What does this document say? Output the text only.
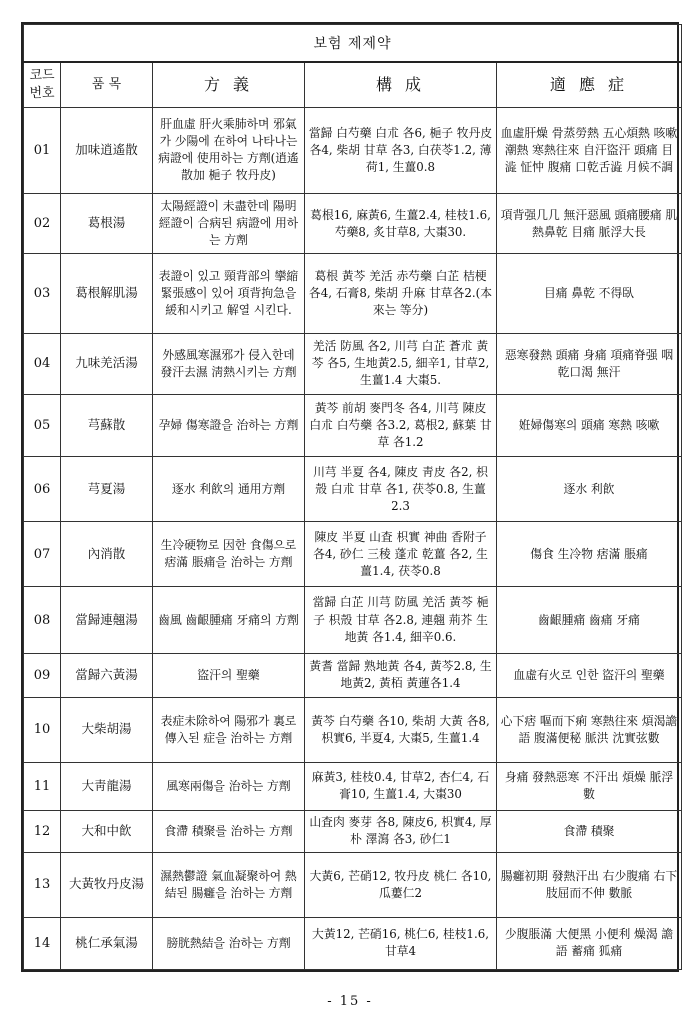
보험 제제약				
코드번호	품 목	方 義	構 成	適 應 症
01	加味逍遙散	肝血虛 肝火乘肺하며 邪氣가 少陽에 在하여 나타나는 病證에 使用하는 方劑(逍遙散加 梔子 牧丹皮)	當歸 白芍藥 白朮 各6, 梔子 牧丹皮 各4, 柴胡 甘草 各3, 白茯苓1.2, 薄荷1, 生薑0.8	血虛肝燥 骨蒸勞熱 五心煩熱 咳嗽潮熱 寒熱往來 自汗盜汗 頭痛 目澁 怔忡 腹痛 口乾舌澁 月候不調
02	葛根湯	太陽經證이 未盡한데 陽明經證이 合病된 病證에 用하는 方劑	葛根16, 麻黃6, 生薑2.4, 桂枝1.6, 芍藥8, 炙甘草8, 大棗30.	項背强几几 無汗惡風 頭痛腰痛 肌熱鼻乾 目痛 脈浮大長
03	葛根解肌湯	表證이 있고 頸背部의 攣縮緊張感이 있어 項背拘急을 緩和시키고 解열 시킨다.	葛根 黃芩 羌活 赤芍藥 白芷 桔梗 各4, 石膏8, 柴胡 升麻 甘草各2.(本來는 等分)	目痛 鼻乾 不得臥
04	九味羌活湯	外感風寒濕邪가 侵入한데 發汗去濕 淸熱시키는 方劑	羌活 防風 各2, 川芎 白芷 蒼朮 黃芩 各5, 生地黃2.5, 細辛1, 甘草2, 生薑1.4 大棗5.	惡寒發熱 頭痛 身痛 項痛脊强 咽乾口渴 無汗
05	芎蘇散	孕婦 傷寒證을 治하는 方劑	黃芩 前胡 麥門冬 各4, 川芎 陳皮 白朮 白芍藥 各3.2, 葛根2, 蘇葉 甘草 各1.2	姙婦傷寒의 頭痛 寒熱 咳嗽
06	芎夏湯	逐水 利飮의 通用方劑	川芎 半夏 各4, 陳皮 靑皮 各2, 枳殼 白朮 甘草 各1, 茯苓0.8, 生薑2.3	逐水 利飮
07	內消散	生冷硬物로 因한 食傷으로 痞滿 脹痛을 治하는 方劑	陳皮 半夏 山査 枳實 神曲 香附子 各4, 砂仁 三稜 蓬朮 乾薑 各2, 生薑1.4, 茯苓0.8	傷食 生冷物 痞滿 脹痛
08	當歸連翹湯	齒風 齒齦腫痛 牙痛의 方劑	當歸 白芷 川芎 防風 羌活 黃芩 梔子 枳殼 甘草 各2.8, 連翹 荊芥 生地黃 各1.4, 細辛0.6.	齒齦腫痛 齒痛 牙痛
09	當歸六黃湯	盜汗의 聖藥	黃耆 當歸 熟地黃 各4, 黃芩2.8, 生地黃2, 黃栢 黃蓮各1.4	血虛有火로 인한 盜汗의 聖藥
10	大柴胡湯	表症未除하여 陽邪가 裏로 傳入된 症을 治하는 方劑	黃芩 白芍藥 各10, 柴胡 大黃 各8, 枳實6, 半夏4, 大棗5, 生薑1.4	心下痞 嘔而下痢 寒熱往來 煩渴譫語 腹滿便秘 脈洪 沈實弦數
11	大靑龍湯	風寒兩傷을 治하는 方劑	麻黃3, 桂枝0.4, 甘草2, 杏仁4, 石膏10, 生薑1.4, 大棗30	身痛 發熱惡寒 不汗出 煩燥 脈浮數
12	大和中飮	食滯 積聚를 治하는 方劑	山査肉 麥芽 各8, 陳皮6, 枳實4, 厚朴 澤瀉 各3, 砂仁1	食滯 積聚
13	大黃牧丹皮湯	濕熱鬱證 氣血凝聚하여 熱結된 腸癰을 治하는 方劑	大黃6, 芒硝12, 牧丹皮 桃仁 各10, 瓜蔞仁2	腸癰初期 發熱汗出 右少腹痛 右下肢屈而不伸 數脈
14	桃仁承氣湯	膀胱熱結을 治하는 方劑	大黃12, 芒硝16, 桃仁6, 桂枝1.6, 甘草4	少腹脹滿 大便黑 小便利 燥渴 譫語 蓄痛 狐痛
- 15 -
